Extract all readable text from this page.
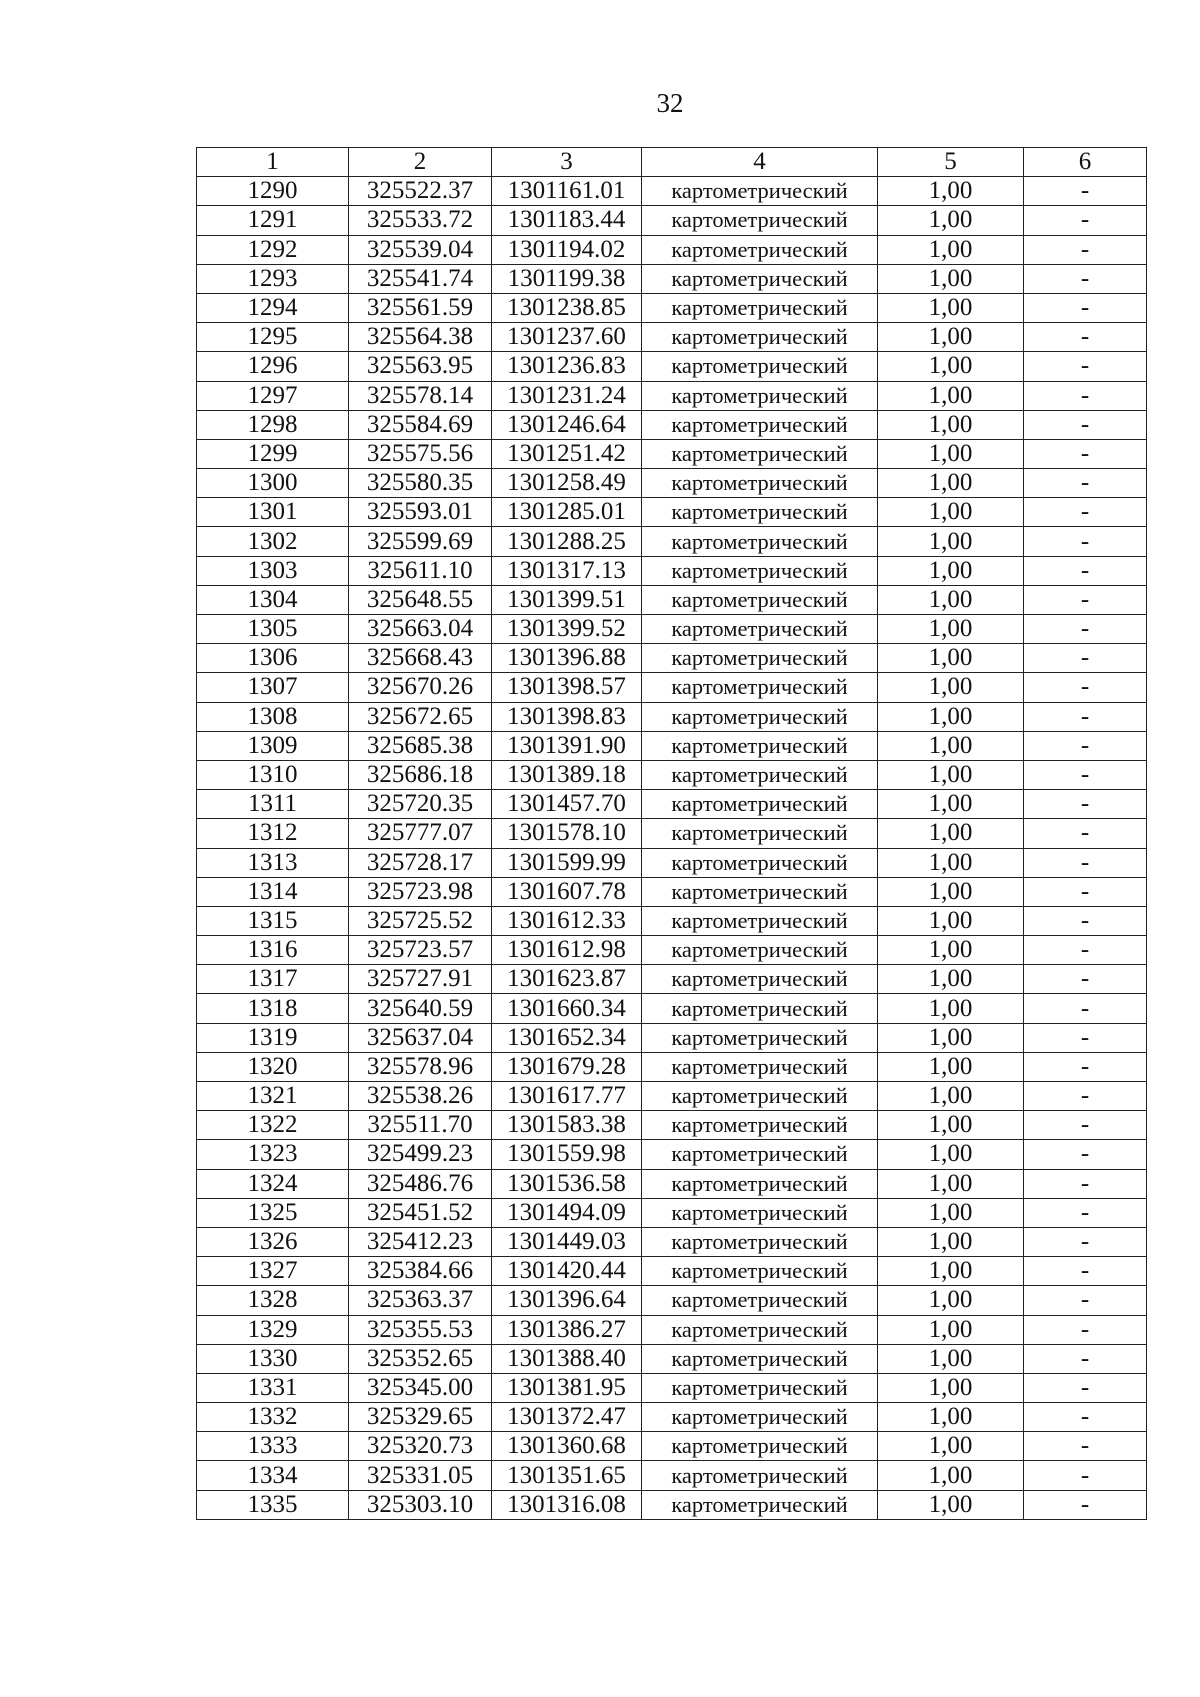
32
1	2	3	4	5	6
1290	325522.37	1301161.01	картометрический	1,00	-
1291	325533.72	1301183.44	картометрический	1,00	-
1292	325539.04	1301194.02	картометрический	1,00	-
1293	325541.74	1301199.38	картометрический	1,00	-
1294	325561.59	1301238.85	картометрический	1,00	-
1295	325564.38	1301237.60	картометрический	1,00	-
1296	325563.95	1301236.83	картометрический	1,00	-
1297	325578.14	1301231.24	картометрический	1,00	-
1298	325584.69	1301246.64	картометрический	1,00	-
1299	325575.56	1301251.42	картометрический	1,00	-
1300	325580.35	1301258.49	картометрический	1,00	-
1301	325593.01	1301285.01	картометрический	1,00	-
1302	325599.69	1301288.25	картометрический	1,00	-
1303	325611.10	1301317.13	картометрический	1,00	-
1304	325648.55	1301399.51	картометрический	1,00	-
1305	325663.04	1301399.52	картометрический	1,00	-
1306	325668.43	1301396.88	картометрический	1,00	-
1307	325670.26	1301398.57	картометрический	1,00	-
1308	325672.65	1301398.83	картометрический	1,00	-
1309	325685.38	1301391.90	картометрический	1,00	-
1310	325686.18	1301389.18	картометрический	1,00	-
1311	325720.35	1301457.70	картометрический	1,00	-
1312	325777.07	1301578.10	картометрический	1,00	-
1313	325728.17	1301599.99	картометрический	1,00	-
1314	325723.98	1301607.78	картометрический	1,00	-
1315	325725.52	1301612.33	картометрический	1,00	-
1316	325723.57	1301612.98	картометрический	1,00	-
1317	325727.91	1301623.87	картометрический	1,00	-
1318	325640.59	1301660.34	картометрический	1,00	-
1319	325637.04	1301652.34	картометрический	1,00	-
1320	325578.96	1301679.28	картометрический	1,00	-
1321	325538.26	1301617.77	картометрический	1,00	-
1322	325511.70	1301583.38	картометрический	1,00	-
1323	325499.23	1301559.98	картометрический	1,00	-
1324	325486.76	1301536.58	картометрический	1,00	-
1325	325451.52	1301494.09	картометрический	1,00	-
1326	325412.23	1301449.03	картометрический	1,00	-
1327	325384.66	1301420.44	картометрический	1,00	-
1328	325363.37	1301396.64	картометрический	1,00	-
1329	325355.53	1301386.27	картометрический	1,00	-
1330	325352.65	1301388.40	картометрический	1,00	-
1331	325345.00	1301381.95	картометрический	1,00	-
1332	325329.65	1301372.47	картометрический	1,00	-
1333	325320.73	1301360.68	картометрический	1,00	-
1334	325331.05	1301351.65	картометрический	1,00	-
1335	325303.10	1301316.08	картометрический	1,00	-
